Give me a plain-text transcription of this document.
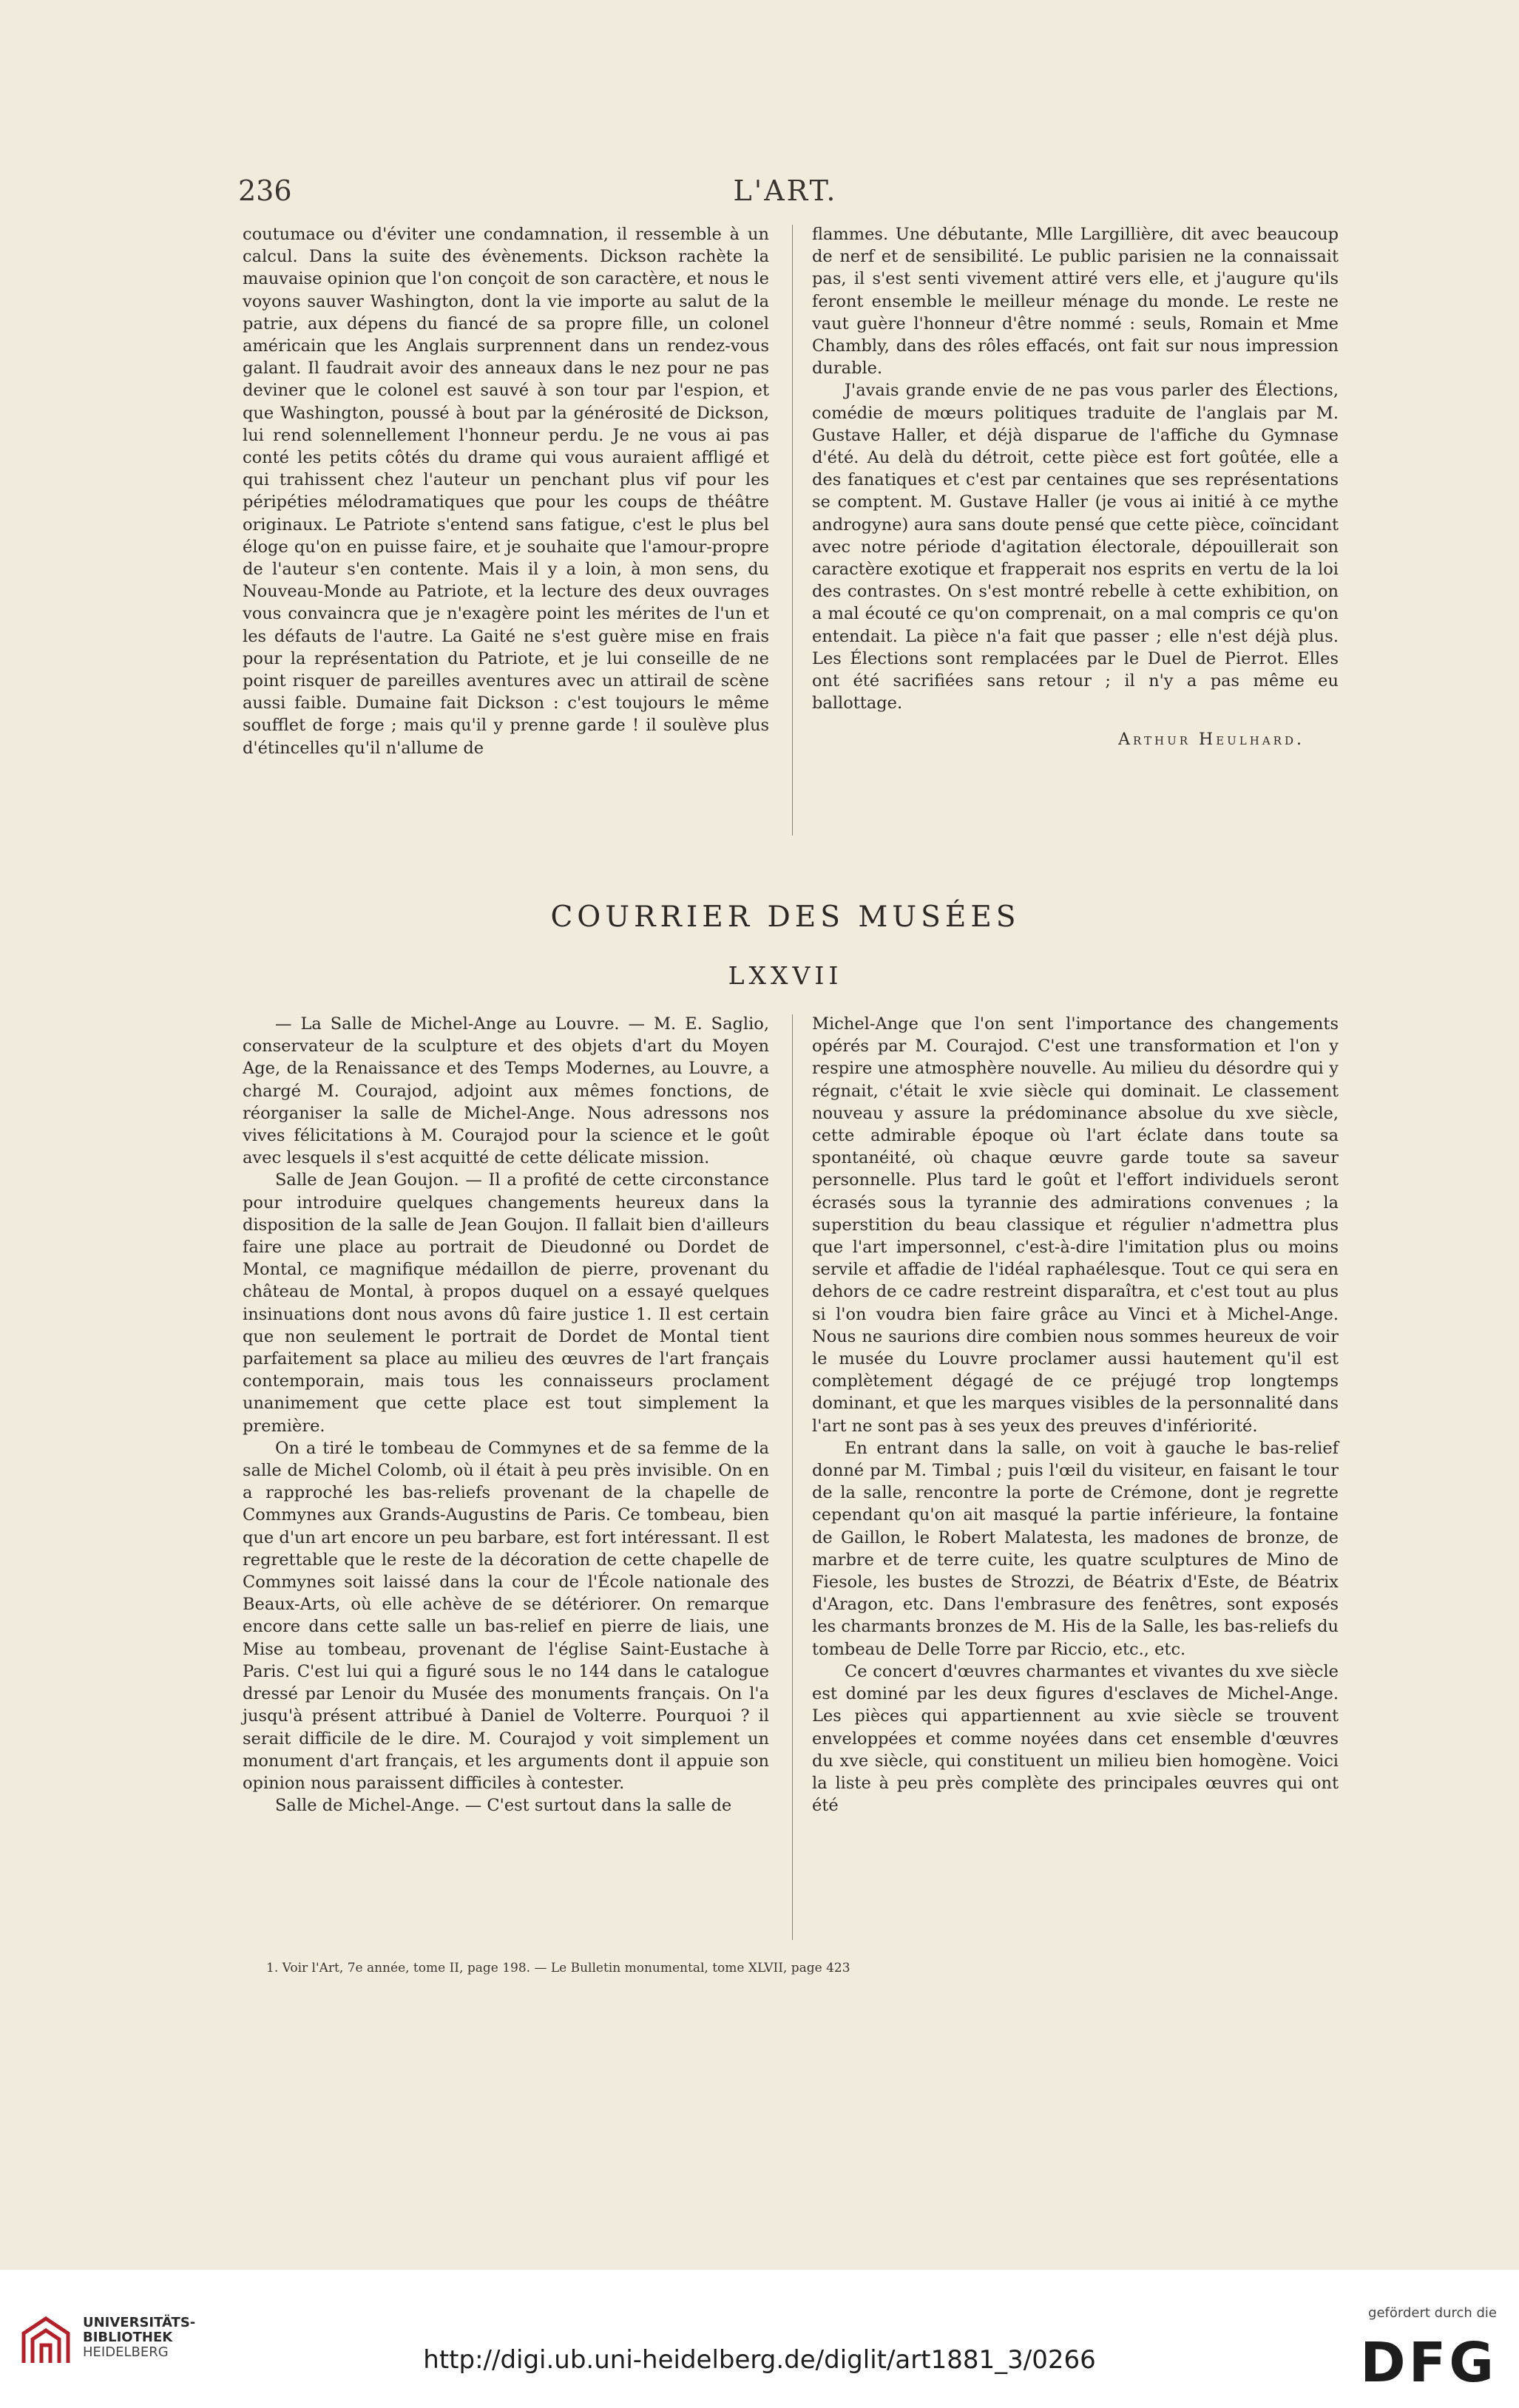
236	L'ART.

coutumace ou d'éviter une condamnation, il ressemble à un calcul. Dans la suite des évènements. Dickson rachète la mauvaise opinion que l'on conçoit de son caractère, et nous le voyons sauver Washington, dont la vie importe au salut de la patrie, aux dépens du fiancé de sa propre fille, un colonel américain que les Anglais surprennent dans un rendez-vous galant. Il faudrait avoir des anneaux dans le nez pour ne pas deviner que le colonel est sauvé à son tour par l'espion, et que Washington, poussé à bout par la générosité de Dickson, lui rend solennellement l'honneur perdu. Je ne vous ai pas conté les petits côtés du drame qui vous auraient affligé et qui trahissent chez l'auteur un penchant plus vif pour les péripéties mélodramatiques que pour les coups de théâtre originaux. Le Patriote s'entend sans fatigue, c'est le plus bel éloge qu'on en puisse faire, et je souhaite que l'amour-propre de l'auteur s'en contente. Mais il y a loin, à mon sens, du Nouveau-Monde au Patriote, et la lecture des deux ouvrages vous convaincra que je n'exagère point les mérites de l'un et les défauts de l'autre. La Gaité ne s'est guère mise en frais pour la représentation du Patriote, et je lui conseille de ne point risquer de pareilles aventures avec un attirail de scène aussi faible. Dumaine fait Dickson : c'est toujours le même soufflet de forge ; mais qu'il y prenne garde ! il soulève plus d'étincelles qu'il n'allume de

flammes. Une débutante, Mlle Largillière, dit avec beaucoup de nerf et de sensibilité. Le public parisien ne la connaissait pas, il s'est senti vivement attiré vers elle, et j'augure qu'ils feront ensemble le meilleur ménage du monde. Le reste ne vaut guère l'honneur d'être nommé : seuls, Romain et Mme Chambly, dans des rôles effacés, ont fait sur nous impression durable.

J'avais grande envie de ne pas vous parler des Élections, comédie de mœurs politiques traduite de l'anglais par M. Gustave Haller, et déjà disparue de l'affiche du Gymnase d'été. Au delà du détroit, cette pièce est fort goûtée, elle a des fanatiques et c'est par centaines que ses représentations se comptent. M. Gustave Haller (je vous ai initié à ce mythe androgyne) aura sans doute pensé que cette pièce, coïncidant avec notre période d'agitation électorale, dépouillerait son caractère exotique et frapperait nos esprits en vertu de la loi des contrastes. On s'est montré rebelle à cette exhibition, on a mal écouté ce qu'on comprenait, on a mal compris ce qu'on entendait. La pièce n'a fait que passer ; elle n'est déjà plus. Les Élections sont remplacées par le Duel de Pierrot. Elles ont été sacrifiées sans retour ; il n'y a pas même eu ballottage.

Arthur Heulhard.
COURRIER DES MUSÉES
LXXVII

— La Salle de Michel-Ange au Louvre. — M. E. Saglio, conservateur de la sculpture et des objets d'art du Moyen Age, de la Renaissance et des Temps Modernes, au Louvre, a chargé M. Courajod, adjoint aux mêmes fonctions, de réorganiser la salle de Michel-Ange. Nous adressons nos vives félicitations à M. Courajod pour la science et le goût avec lesquels il s'est acquitté de cette délicate mission.

Salle de Jean Goujon. — Il a profité de cette circonstance pour introduire quelques changements heureux dans la disposition de la salle de Jean Goujon. Il fallait bien d'ailleurs faire une place au portrait de Dieudonné ou Dordet de Montal, ce magnifique médaillon de pierre, provenant du château de Montal, à propos duquel on a essayé quelques insinuations dont nous avons dû faire justice 1. Il est certain que non seulement le portrait de Dordet de Montal tient parfaitement sa place au milieu des œuvres de l'art français contemporain, mais tous les connaisseurs proclament unanimement que cette place est tout simplement la première.

On a tiré le tombeau de Commynes et de sa femme de la salle de Michel Colomb, où il était à peu près invisible. On en a rapproché les bas-reliefs provenant de la chapelle de Commynes aux Grands-Augustins de Paris. Ce tombeau, bien que d'un art encore un peu barbare, est fort intéressant. Il est regrettable que le reste de la décoration de cette chapelle de Commynes soit laissé dans la cour de l'École nationale des Beaux-Arts, où elle achève de se détériorer. On remarque encore dans cette salle un bas-relief en pierre de liais, une Mise au tombeau, provenant de l'église Saint-Eustache à Paris. C'est lui qui a figuré sous le no 144 dans le catalogue dressé par Lenoir du Musée des monuments français. On l'a jusqu'à présent attribué à Daniel de Volterre. Pourquoi ? il serait difficile de le dire. M. Courajod y voit simplement un monument d'art français, et les arguments dont il appuie son opinion nous paraissent difficiles à contester.

Salle de Michel-Ange. — C'est surtout dans la salle de

Michel-Ange que l'on sent l'importance des changements opérés par M. Courajod. C'est une transformation et l'on y respire une atmosphère nouvelle. Au milieu du désordre qui y régnait, c'était le xvie siècle qui dominait. Le classement nouveau y assure la prédominance absolue du xve siècle, cette admirable époque où l'art éclate dans toute sa spontanéité, où chaque œuvre garde toute sa saveur personnelle. Plus tard le goût et l'effort individuels seront écrasés sous la tyrannie des admirations convenues ; la superstition du beau classique et régulier n'admettra plus que l'art impersonnel, c'est-à-dire l'imitation plus ou moins servile et affadie de l'idéal raphaélesque. Tout ce qui sera en dehors de ce cadre restreint disparaîtra, et c'est tout au plus si l'on voudra bien faire grâce au Vinci et à Michel-Ange. Nous ne saurions dire combien nous sommes heureux de voir le musée du Louvre proclamer aussi hautement qu'il est complètement dégagé de ce préjugé trop longtemps dominant, et que les marques visibles de la personnalité dans l'art ne sont pas à ses yeux des preuves d'infériorité.

En entrant dans la salle, on voit à gauche le bas-relief donné par M. Timbal ; puis l'œil du visiteur, en faisant le tour de la salle, rencontre la porte de Crémone, dont je regrette cependant qu'on ait masqué la partie inférieure, la fontaine de Gaillon, le Robert Malatesta, les madones de bronze, de marbre et de terre cuite, les quatre sculptures de Mino de Fiesole, les bustes de Strozzi, de Béatrix d'Este, de Béatrix d'Aragon, etc. Dans l'embrasure des fenêtres, sont exposés les charmants bronzes de M. His de la Salle, les bas-reliefs du tombeau de Delle Torre par Riccio, etc., etc.

Ce concert d'œuvres charmantes et vivantes du xve siècle est dominé par les deux figures d'esclaves de Michel-Ange. Les pièces qui appartiennent au xvie siècle se trouvent enveloppées et comme noyées dans cet ensemble d'œuvres du xve siècle, qui constituent un milieu bien homogène. Voici la liste à peu près complète des principales œuvres qui ont été

1. Voir l'Art, 7e année, tome II, page 198. — Le Bulletin monumental, tome XLVII, page 423
UNIVERSITÄTS-
BIBLIOTHEK
HEIDELBERG	http://digi.ub.uni-heidelberg.de/diglit/art1881_3/0266
gefördert durch die
DFG
